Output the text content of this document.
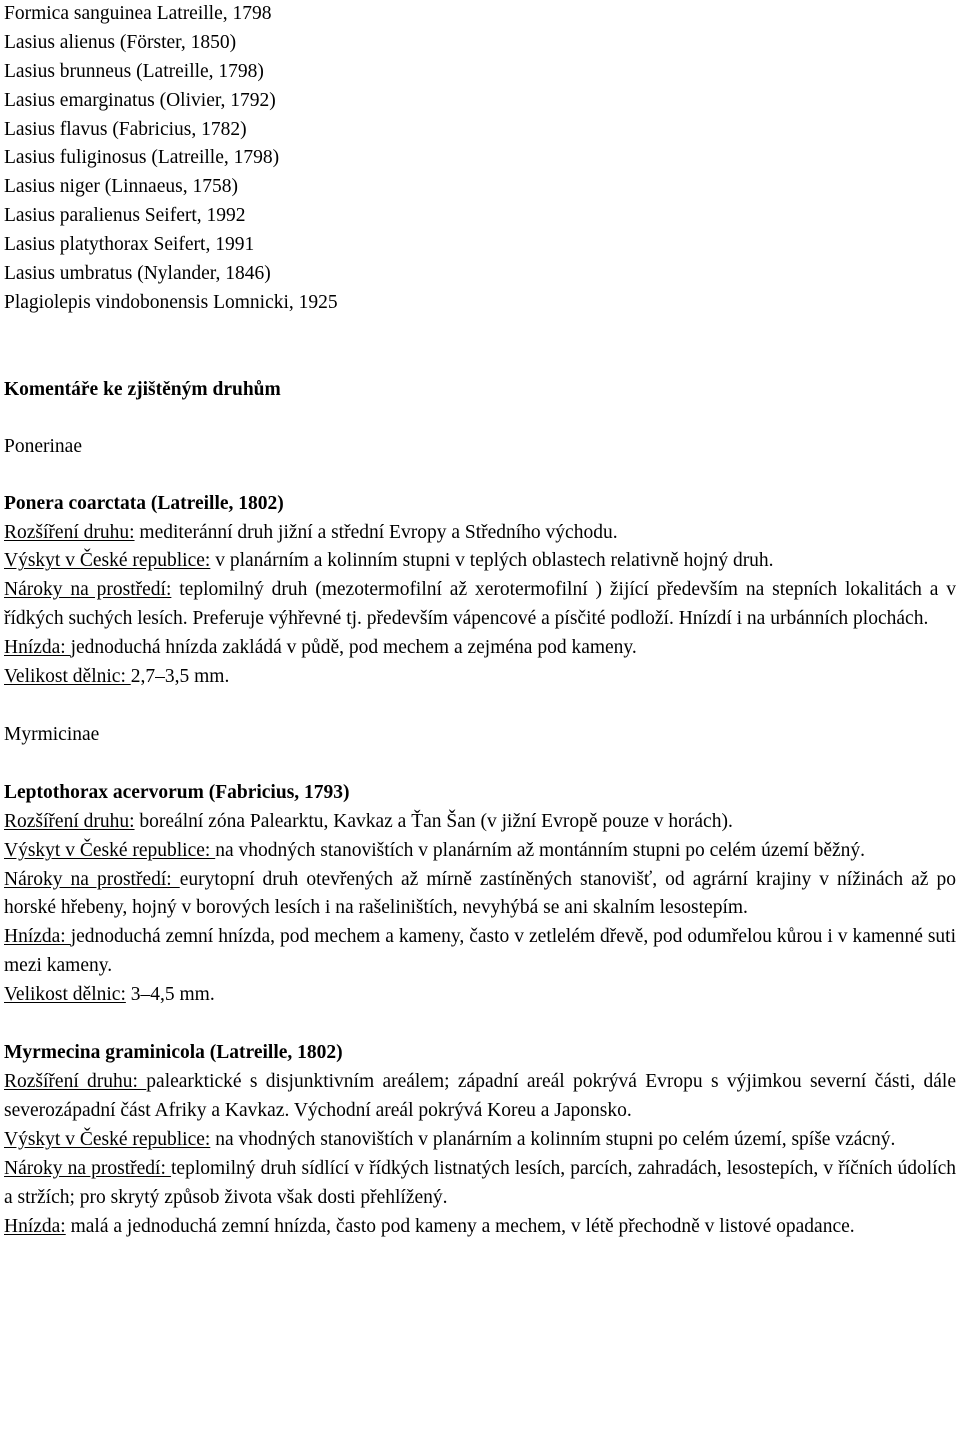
Formica sanguinea Latreille, 1798
Lasius alienus (Förster, 1850)
Lasius brunneus (Latreille, 1798)
Lasius emarginatus (Olivier, 1792)
Lasius flavus (Fabricius, 1782)
Lasius fuliginosus (Latreille, 1798)
Lasius niger (Linnaeus, 1758)
Lasius paralienus Seifert, 1992
Lasius platythorax Seifert, 1991
Lasius umbratus (Nylander, 1846)
Plagiolepis vindobonensis Lomnicki, 1925
Komentáře ke zjištěným druhům
Ponerinae
Ponera coarctata (Latreille, 1802)

Rozšíření druhu: mediteránní druh jižní a střední Evropy a Středního východu.

Výskyt v České republice: v planárním a kolinním stupni v teplých oblastech relativně hojný druh.

Nároky na prostředí: teplomilný druh (mezotermofilní až xerotermofilní ) žijící především na stepních lokalitách a v řídkých suchých lesích. Preferuje výhřevné tj. především vápencové a písčité podloží. Hnízdí i na urbánních plochách.

Hnízda: jednoduchá hnízda zakládá v půdě, pod mechem a zejména pod kameny.

Velikost dělnic: 2,7–3,5 mm.

Myrmicinae
Leptothorax acervorum (Fabricius, 1793)

Rozšíření druhu: boreální zóna Palearktu, Kavkaz a Ťan Šan (v jižní Evropě pouze v horách).

Výskyt v České republice: na vhodných stanovištích v planárním až montánním stupni po celém území běžný.

Nároky na prostředí: eurytopní druh otevřených až mírně zastíněných stanovišť, od agrární krajiny v nížinách až po horské hřebeny, hojný v borových lesích i na rašeliništích, nevyhýbá se ani skalním lesostepím.

Hnízda: jednoduchá zemní hnízda, pod mechem a kameny, často v zetlelém dřevě, pod odumřelou kůrou i v kamenné suti mezi kameny.

Velikost dělnic: 3–4,5 mm.

Myrmecina graminicola (Latreille, 1802)

Rozšíření druhu: palearktické s disjunktivním areálem; západní areál pokrývá Evropu s výjimkou severní části, dále severozápadní část Afriky a Kavkaz. Východní areál pokrývá Koreu a Japonsko.

Výskyt v České republice: na vhodných stanovištích v planárním a kolinním stupni po celém území, spíše vzácný.

Nároky na prostředí: teplomilný druh sídlící v řídkých listnatých lesích, parcích, zahradách, lesostepích, v říčních údolích a stržích; pro skrytý způsob života však dosti přehlížený.

Hnízda: malá a jednoduchá zemní hnízda, často pod kameny a mechem, v létě přechodně v listové opadance.
